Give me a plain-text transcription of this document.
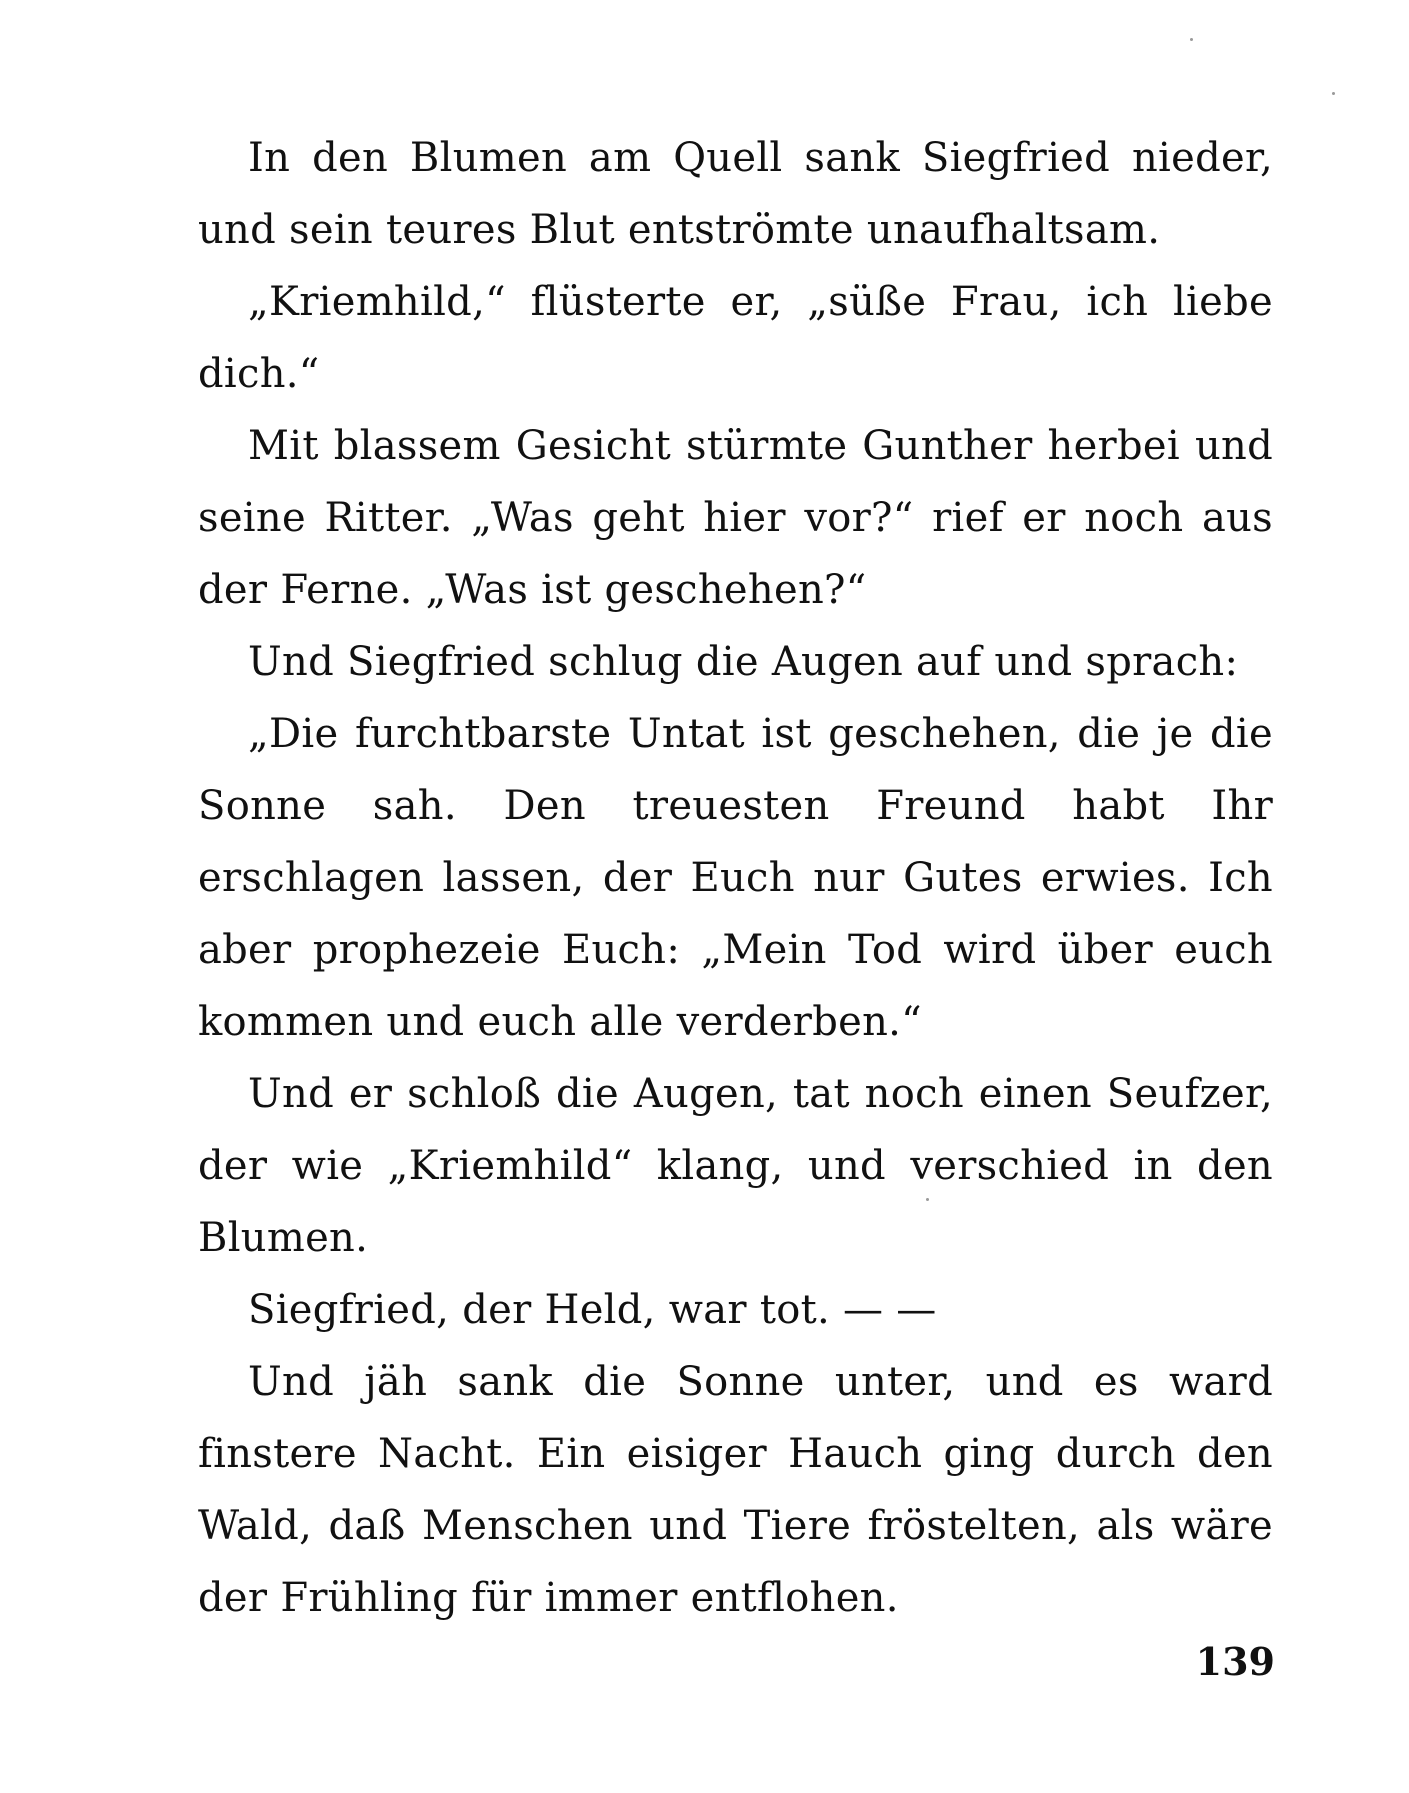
In den Blumen am Quell sank Siegfried nieder, und sein teures Blut entströmte unaufhaltsam.

„Kriemhild,“ flüsterte er, „süße Frau, ich liebe dich.“

Mit blassem Gesicht stürmte Gunther herbei und seine Ritter. „Was geht hier vor?“ rief er noch aus der Ferne. „Was ist geschehen?“

Und Siegfried schlug die Augen auf und sprach:

„Die furchtbarste Untat ist geschehen, die je die Sonne sah. Den treuesten Freund habt Ihr erschlagen lassen, der Euch nur Gutes erwies. Ich aber prophezeie Euch: „Mein Tod wird über euch kommen und euch alle verderben.“

Und er schloß die Augen, tat noch einen Seufzer, der wie „Kriemhild“ klang, und verschied in den Blumen.

Siegfried, der Held, war tot. — —

Und jäh sank die Sonne unter, und es ward finstere Nacht. Ein eisiger Hauch ging durch den Wald, daß Menschen und Tiere fröstelten, als wäre der Frühling für immer entflohen.

139
